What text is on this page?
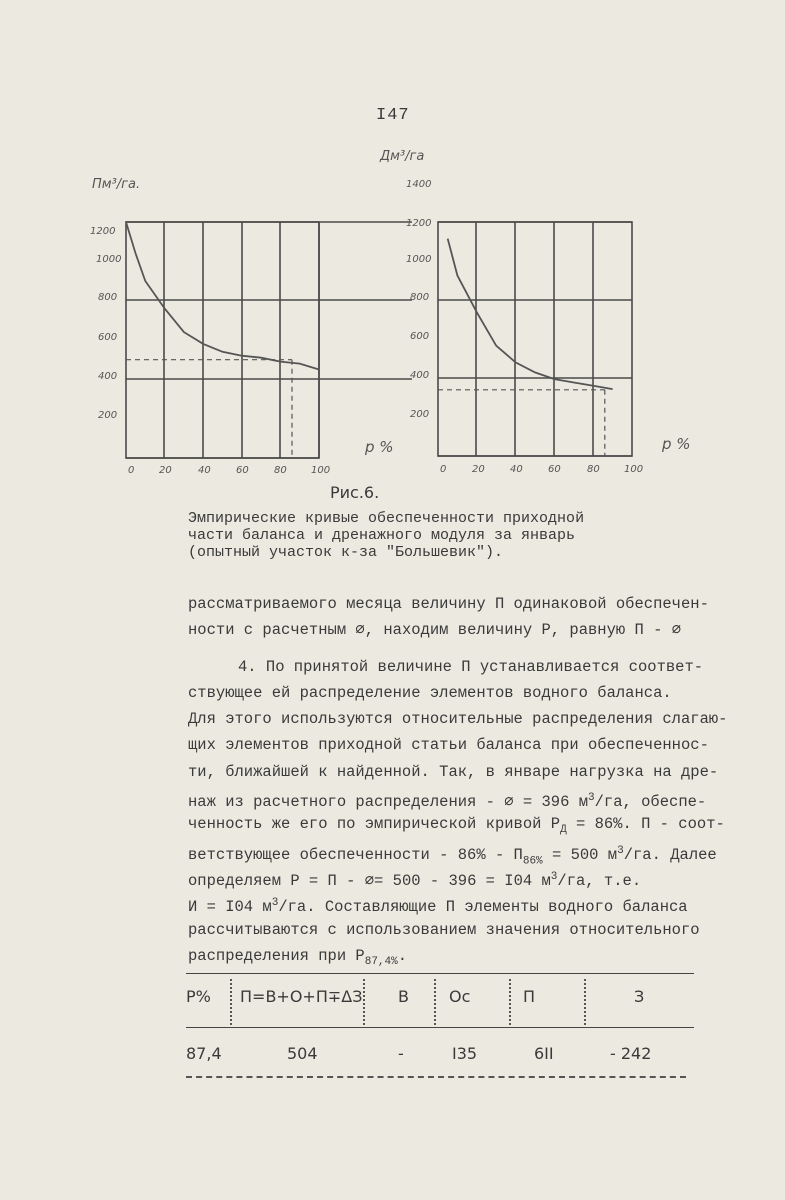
I47
Пм³/га.
1200
1000
800
600
400
200
0 20	40	60	80 100
р %
Дм³/га
1400
1200
1000
800
600
400
200
0	20	40	60	80 100
р %
Рис.6.
Эмпирические кривые обеспеченности приходной
части баланса и дренажного модуля за январь
(опытный участок к-за "Большевик").
рассматриваемого месяца величину П одинаковой обеспечен-
ности с расчетным ∅, находим величину Р, равную П - ∅
4. По принятой величине П устанавливается соответ-
ствующее ей распределение элементов водного баланса.
Для этого используются относительные распределения слагаю-
щих элементов приходной статьи баланса при обеспеченнос-
ти, ближайшей к найденной. Так, в январе нагрузка на дре-
наж из расчетного распределения - ∅ = 396 $м^3/га$, обеспе-
ченность же его по эмпирической кривой $Р_Д = 86\%$. П - соот-
ветствующее обеспеченности - $86\% - П_{86\%} = 500$ $м^3/га$. Далее
определяем Р = П - ∅= 500 - 396 = I04 $м^3/га$, т.е.
И = I04 $м^3/га$. Составляющие П элементы водного баланса
рассчитываются с использованием значения относительного
распределения при $Р_{87,4\%}$.
Р% П=В+О+П∓ΔЗ В	Ос	П	З
87,4	504	-	I35	6II	- 242
